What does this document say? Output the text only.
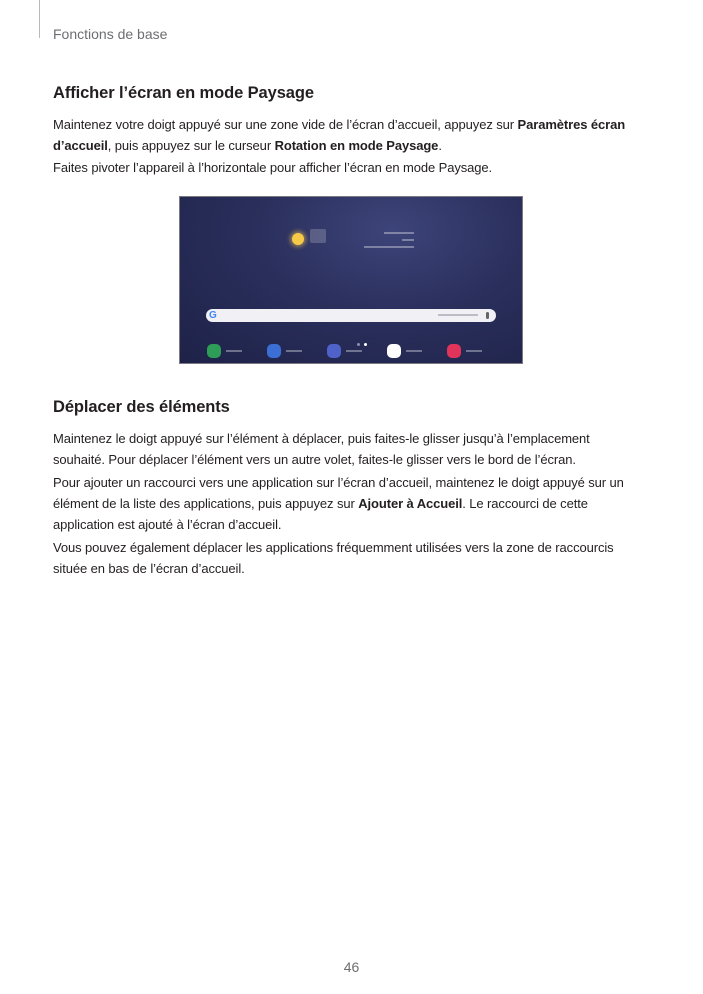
Fonctions de base
Afficher l’écran en mode Paysage

Maintenez votre doigt appuyé sur une zone vide de l’écran d’accueil, appuyez sur Paramètres écran d’accueil, puis appuyez sur le curseur Rotation en mode Paysage.

Faites pivoter l’appareil à l’horizontale pour afficher l’écran en mode Paysage.

G
Déplacer des éléments

Maintenez le doigt appuyé sur l’élément à déplacer, puis faites-le glisser jusqu’à l’emplacement souhaité. Pour déplacer l’élément vers un autre volet, faites-le glisser vers le bord de l’écran.

Pour ajouter un raccourci vers une application sur l’écran d’accueil, maintenez le doigt appuyé sur un élément de la liste des applications, puis appuyez sur Ajouter à Accueil. Le raccourci de cette application est ajouté à l’écran d’accueil.

Vous pouvez également déplacer les applications fréquemment utilisées vers la zone de raccourcis située en bas de l’écran d’accueil.

46
